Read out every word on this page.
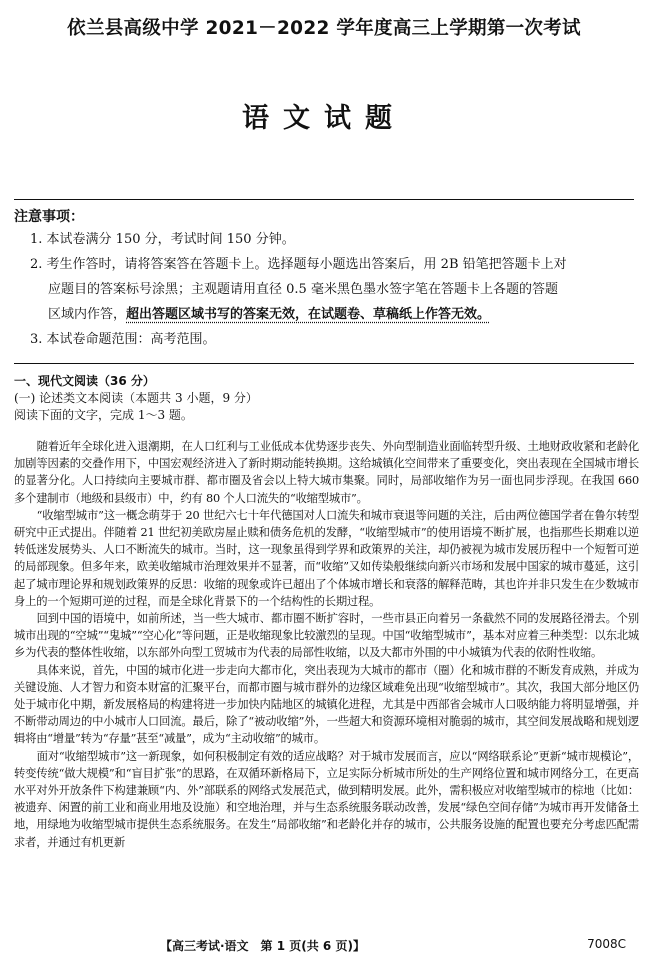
依兰县高级中学 2021－2022 学年度高三上学期第一次考试
语文试题
注意事项：
1. 本试卷满分 150 分，考试时间 150 分钟。
2. 考生作答时，请将答案答在答题卡上。选择题每小题选出答案后，用 2B 铅笔把答题卡上对
应题目的答案标号涂黑；主观题请用直径 0.5 毫米黑色墨水签字笔在答题卡上各题的答题
区域内作答，超出答题区域书写的答案无效，在试题卷、草稿纸上作答无效。
3. 本试卷命题范围：高考范围。
一、现代文阅读（36 分）
(一) 论述类文本阅读（本题共 3 小题，9 分）
阅读下面的文字，完成 1～3 题。

随着近年全球化进入退潮期，在人口红利与工业低成本优势逐步丧失、外向型制造业面临转型升级、土地财政收紧和老龄化加剧等因素的交叠作用下，中国宏观经济进入了新时期动能转换期。这给城镇化空间带来了重要变化，突出表现在全国城市增长的显著分化。人口持续向主要城市群、都市圈及省会以上特大城市集聚。同时，局部收缩作为另一面也同步浮现。在我国 660 多个建制市（地级和县级市）中，约有 80 个人口流失的“收缩型城市”。

“收缩型城市”这一概念萌芽于 20 世纪六七十年代德国对人口流失和城市衰退等问题的关注，后由两位德国学者在鲁尔转型研究中正式提出。伴随着 21 世纪初美欧房屋止赎和债务危机的发酵，“收缩型城市”的使用语境不断扩展，也指那些长期难以逆转低迷发展势头、人口不断流失的城市。当时，这一现象虽得到学界和政策界的关注，却仍被视为城市发展历程中一个短暂可逆的局部现象。但多年来，欧美收缩城市治理效果并不显著，而“收缩”又如传染般继续向新兴市场和发展中国家的城市蔓延，这引起了城市理论界和规划政策界的反思：收缩的现象或许已超出了个体城市增长和衰落的解释范畴，其也许并非只发生在少数城市身上的一个短期可逆的过程，而是全球化背景下的一个结构性的长期过程。

回到中国的语境中，如前所述，当一些大城市、都市圈不断扩容时，一些市县正向着另一条截然不同的发展路径滑去。个别城市出现的“空城”“鬼城”“空心化”等问题，正是收缩现象比较激烈的呈现。中国“收缩型城市”，基本对应着三种类型：以东北城乡为代表的整体性收缩，以东部外向型工贸城市为代表的局部性收缩，以及大都市外围的中小城镇为代表的依附性收缩。

具体来说，首先，中国的城市化进一步走向大都市化，突出表现为大城市的都市（圈）化和城市群的不断发育成熟，并成为关键设施、人才智力和资本财富的汇聚平台，而都市圈与城市群外的边缘区域难免出现“收缩型城市”。其次，我国大部分地区仍处于城市化中期，新发展格局的构建将进一步加快内陆地区的城镇化进程，尤其是中西部省会城市人口吸纳能力将明显增强，并不断带动周边的中小城市人口回流。最后，除了“被动收缩”外，一些超大和资源环境相对脆弱的城市，其空间发展战略和规划逻辑将由“增量”转为“存量”甚至“减量”，成为“主动收缩”的城市。

面对“收缩型城市”这一新现象，如何积极制定有效的适应战略？对于城市发展而言，应以“网络联系论”更新“城市规模论”，转变传统“做大规模”和“盲目扩张”的思路，在双循环新格局下，立足实际分析城市所处的生产网络位置和城市网络分工，在更高水平对外开放条件下构建兼顾“内、外”部联系的网络式发展范式，做到精明发展。此外，需积极应对收缩型城市的棕地（比如：被遗弃、闲置的前工业和商业用地及设施）和空地治理，并与生态系统服务联动改善，发展“绿色空间存储”为城市再开发储备土地，用绿地为收缩型城市提供生态系统服务。在发生“局部收缩”和老龄化并存的城市，公共服务设施的配置也要充分考虑匹配需求者，并通过有机更新

【高三考试·语文　第 1 页(共 6 页)】	7008C
